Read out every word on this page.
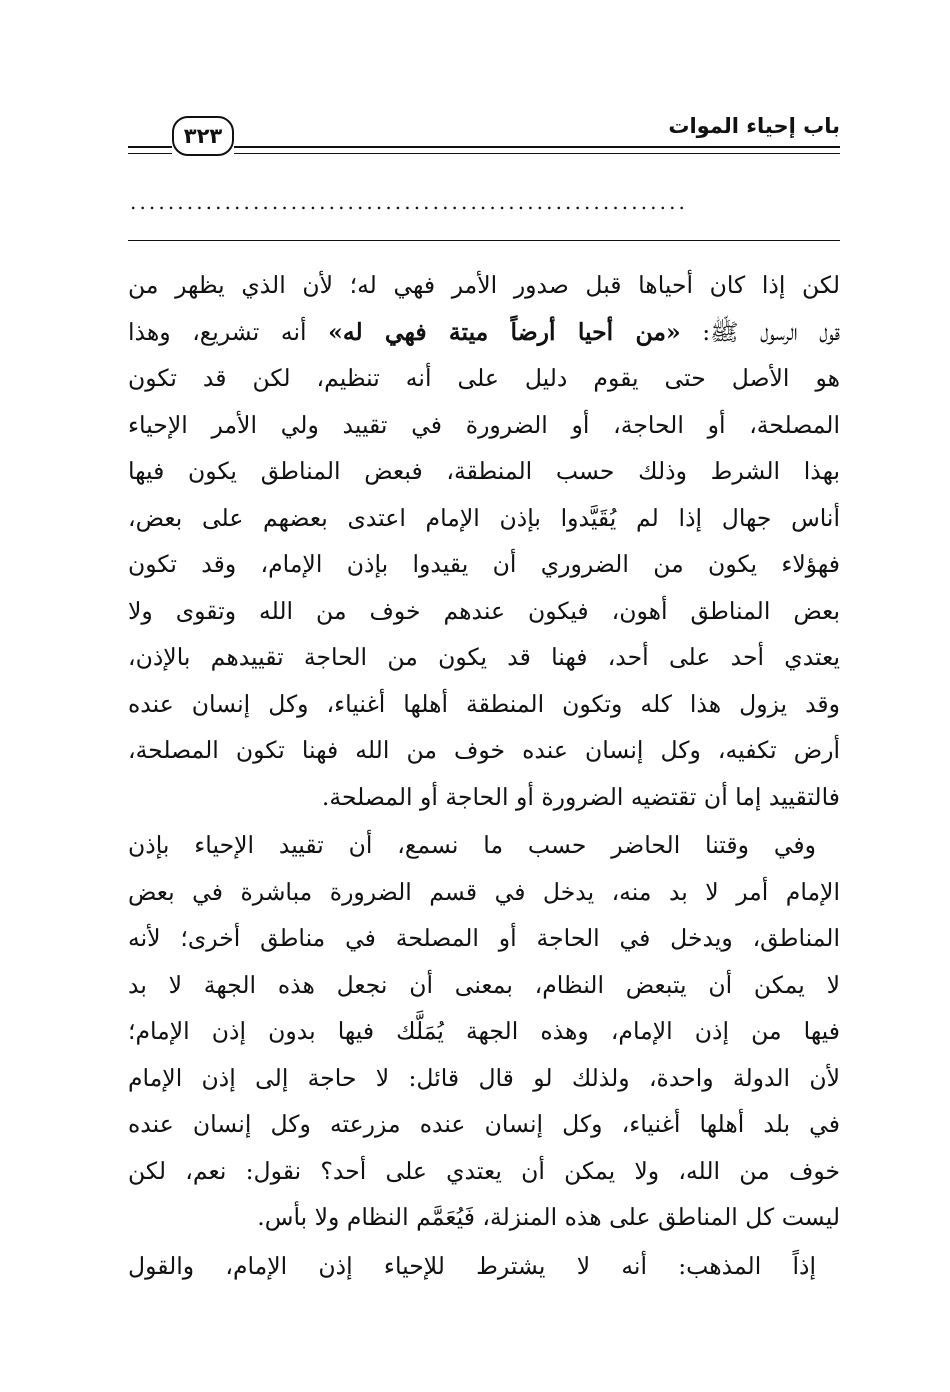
باب إحياء الموات
٣٢٣
...........................................................
لكن إذا كان أحياها قبل صدور الأمر فهي له؛ لأن الذي يظهر من
قول الرسول ﷺ: «من أحيا أرضاً ميتة فهي له» أنه تشريع، وهذا
هو الأصل حتى يقوم دليل على أنه تنظيم، لكن قد تكون
المصلحة، أو الحاجة، أو الضرورة في تقييد ولي الأمر الإحياء
بهذا الشرط وذلك حسب المنطقة، فبعض المناطق يكون فيها
أناس جهال إذا لم يُقَيَّدوا بإذن الإمام اعتدى بعضهم على بعض،
فهؤلاء يكون من الضروري أن يقيدوا بإذن الإمام، وقد تكون
بعض المناطق أهون، فيكون عندهم خوف من الله وتقوى ولا
يعتدي أحد على أحد، فهنا قد يكون من الحاجة تقييدهم بالإذن،
وقد يزول هذا كله وتكون المنطقة أهلها أغنياء، وكل إنسان عنده
أرض تكفيه، وكل إنسان عنده خوف من الله فهنا تكون المصلحة،
فالتقييد إما أن تقتضيه الضرورة أو الحاجة أو المصلحة.
وفي وقتنا الحاضر حسب ما نسمع، أن تقييد الإحياء بإذن
الإمام أمر لا بد منه، يدخل في قسم الضرورة مباشرة في بعض
المناطق، ويدخل في الحاجة أو المصلحة في مناطق أخرى؛ لأنه
لا يمكن أن يتبعض النظام، بمعنى أن نجعل هذه الجهة لا بد
فيها من إذن الإمام، وهذه الجهة يُمَلَّك فيها بدون إذن الإمام؛
لأن الدولة واحدة، ولذلك لو قال قائل: لا حاجة إلى إذن الإمام
في بلد أهلها أغنياء، وكل إنسان عنده مزرعته وكل إنسان عنده
خوف من الله، ولا يمكن أن يعتدي على أحد؟ نقول: نعم، لكن
ليست كل المناطق على هذه المنزلة، فَيُعَمَّم النظام ولا بأس.
إذاً المذهب: أنه لا يشترط للإحياء إذن الإمام، والقول
